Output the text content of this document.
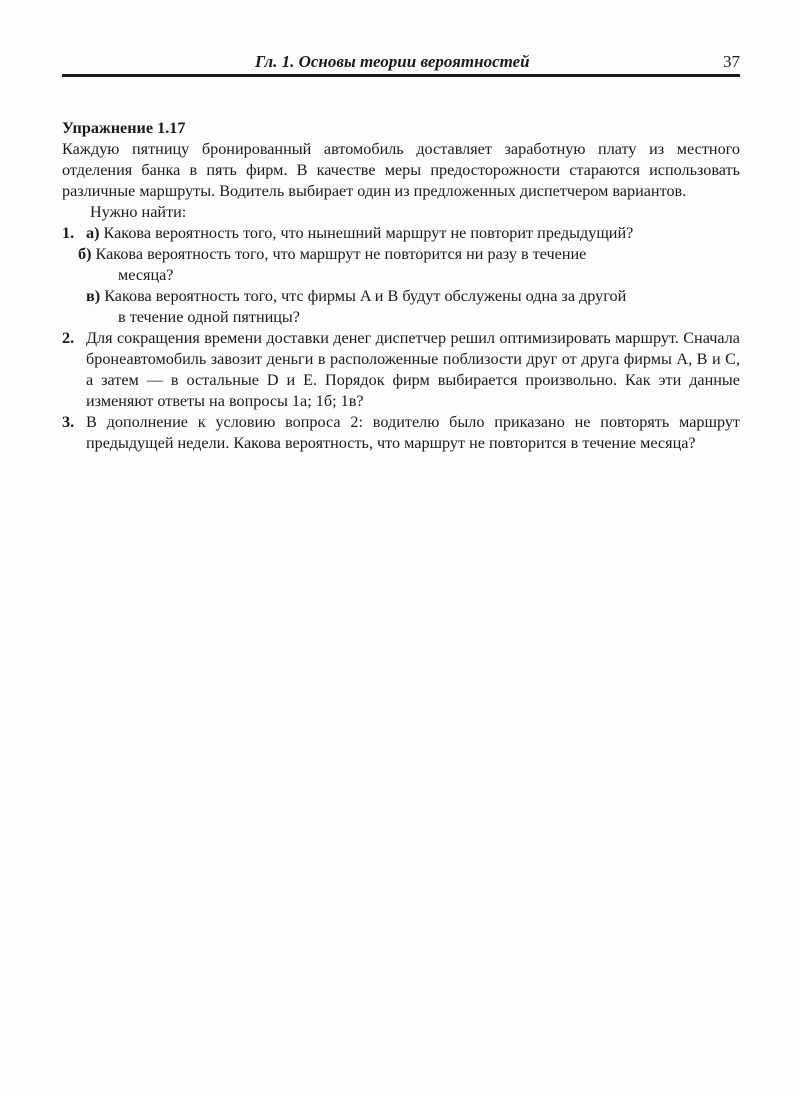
Гл. 1. Основы теории вероятностей	37

Упражнение 1.17

Каждую пятницу бронированный автомобиль доставляет заработную плату из местного отделения банка в пять фирм. В качестве меры предосторожности стараются использовать различные маршруты. Водитель выбирает один из предложенных диспетчером вариантов.

Нужно найти:

1. а) Какова вероятность того, что нынешний маршрут не повторит предыдущий?
б) Какова вероятность того, что маршрут не повторится ни разу в течение
месяца?
в) Какова вероятность того, чтс фирмы A и B будут обслужены одна за другой
в течение одной пятницы?
2. Для сокращения времени доставки денег диспетчер решил оптимизировать маршрут. Сначала бронеавтомобиль завозит деньги в расположенные поблизости друг от друга фирмы A, B и C, а затем — в остальные D и E. Порядок фирм выбирается произвольно. Как эти данные изменяют ответы на вопросы 1а; 1б; 1в?
3. В дополнение к условию вопроса 2: водителю было приказано не повторять маршрут предыдущей недели. Какова вероятность, что маршрут не повторится в течение месяца?
